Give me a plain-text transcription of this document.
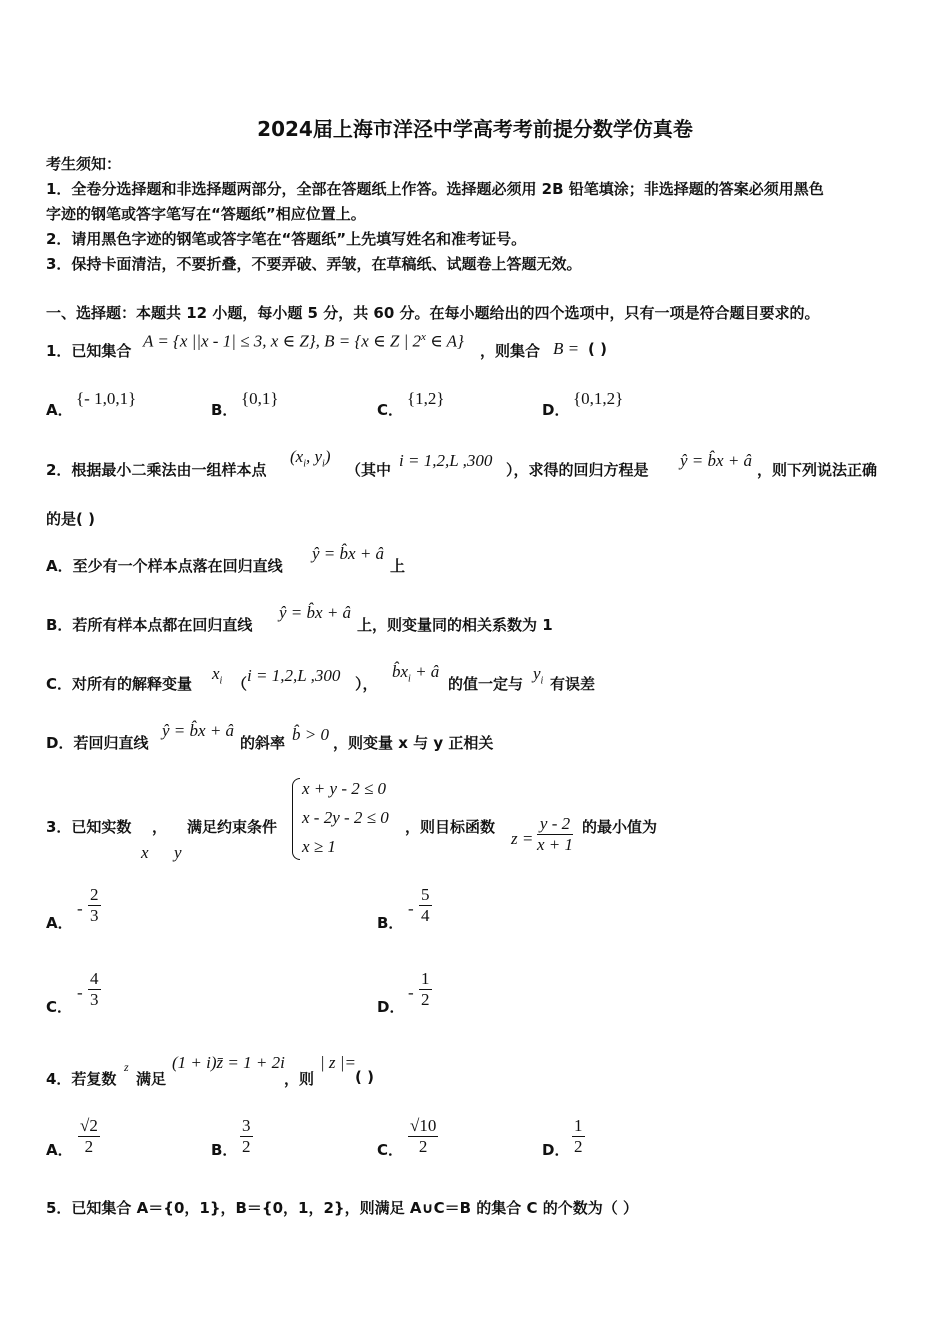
2024届上海市洋泾中学高考考前提分数学仿真卷
考生须知：
1．全卷分选择题和非选择题两部分，全部在答题纸上作答。选择题必须用 2B 铅笔填涂；非选择题的答案必须用黑色
字迹的钢笔或答字笔写在“答题纸”相应位置上。
2．请用黑色字迹的钢笔或答字笔在“答题纸”上先填写姓名和准考证号。
3．保持卡面清洁，不要折叠，不要弄破、弄皱，在草稿纸、试题卷上答题无效。
一、选择题：本题共 12 小题，每小题 5 分，共 60 分。在每小题给出的四个选项中，只有一项是符合题目要求的。
1．已知集合
A = {x ||x - 1| ≤ 3, x ∈ Z}, B = {x ∈ Z | 2$^x$ ∈ A}
，则集合 B = ( )
A．
{- 1,0,1}
B．
{0,1}
C．
{1,2}
D．
{0,1,2}
2．根据最小二乘法由一组样本点
($x_i$, $y_i$)
（其中 i = 1,2,L ,300 ），求得的回归方程是 ŷ = b̂x + â ，则下列说法正确
的是( )
A．至少有一个样本点落在回归直线
ŷ = b̂x + â
上
B．若所有样本点都在回归直线
ŷ = b̂x + â
上，则变量同的相关系数为 1
C．对所有的解释变量
$x_i$ （ i = 1,2,L ,300 ），
$b̂x_i$ + â
的值一定与
$y_i$ 有误差
D．若回归直线
ŷ = b̂x + â
的斜率 b̂ > 0 ，则变量 x 与 y 正相关
3．已知实数 ， 满足约束条件
x y
x + y - 2 ≤ 0
x - 2y - 2 ≤ 0
x ≥ 1
，则目标函数
$z = \frac{y - 2}{x + 1}$ 的最小值为
A．
- $\frac{2}{3}$	B．
- $\frac{5}{4}$
C．
- $\frac{4}{3}$	D．
- $\frac{1}{2}$
4．若复数
z
满足
(1 + i)z̄ = 1 + 2i
，则
| z |=
( )
A． $\frac{√2}{2}$	B． $\frac{3}{2}$	C． $\frac{√10}{2}$	D． $\frac{1}{2}$
5．已知集合 A＝{0，1}，B＝{0，1，2}，则满足 A∪C＝B 的集合 C 的个数为（ ）
